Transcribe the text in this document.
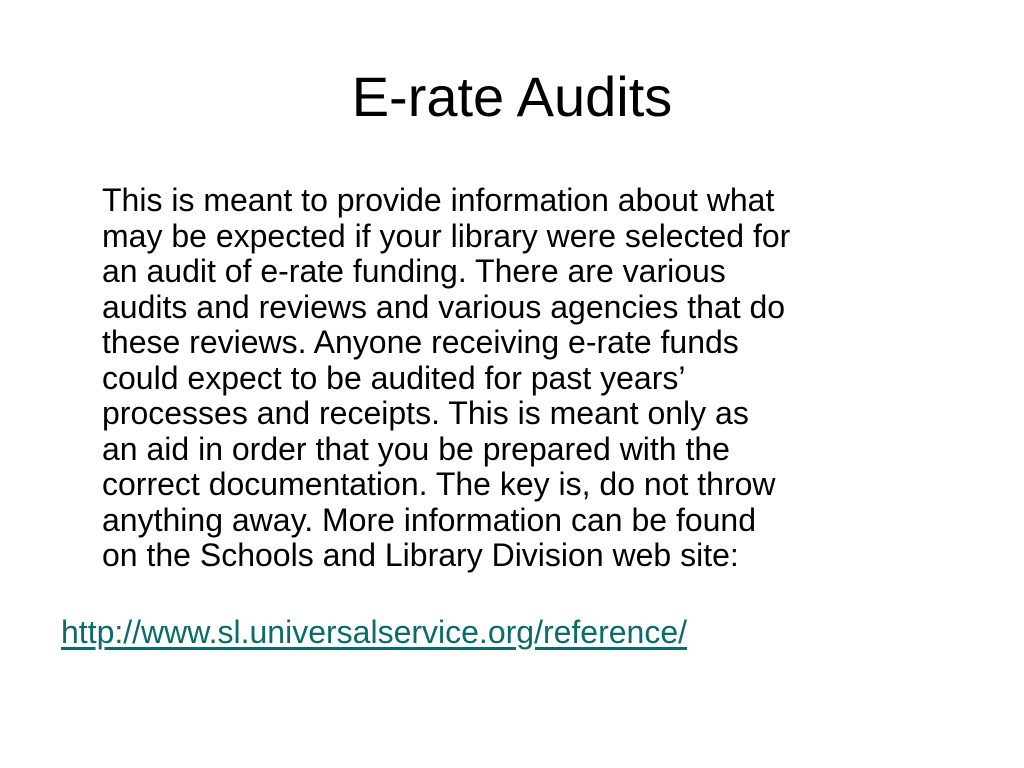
E-rate Audits

This is meant to provide information about what
may be expected if your library were selected for
an audit of e-rate funding. There are various
audits and reviews and various agencies that do
these reviews. Anyone receiving e-rate funds
could expect to be audited for past years’
processes and receipts. This is meant only as
an aid in order that you be prepared with the
correct documentation. The key is, do not throw
anything away. More information can be found
on the Schools and Library Division web site:

http://www.sl.universalservice.org/reference/
